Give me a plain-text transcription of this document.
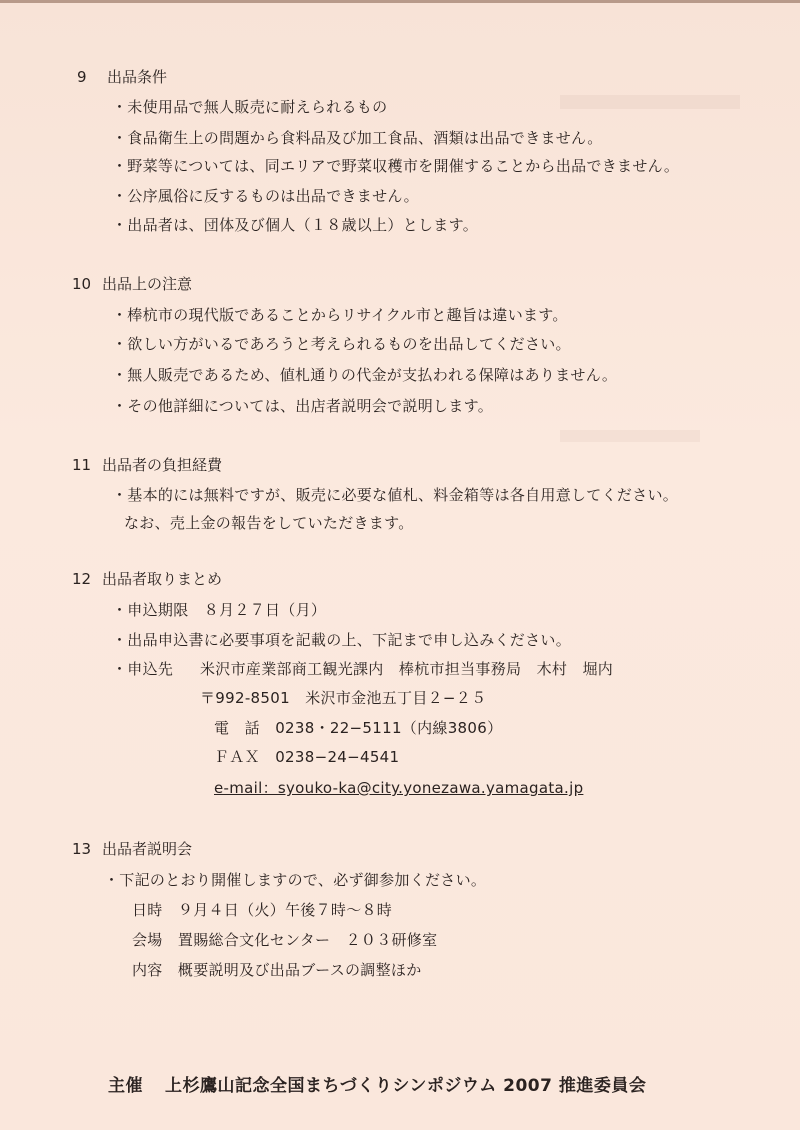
9 出品条件
・未使用品で無人販売に耐えられるもの
・食品衛生上の問題から食料品及び加工食品、酒類は出品できません。
・野菜等については、同エリアで野菜収穫市を開催することから出品できません。
・公序風俗に反するものは出品できません。
・出品者は、団体及び個人（１８歳以上）とします。
10 出品上の注意
・棒杭市の現代版であることからリサイクル市と趣旨は違います。
・欲しい方がいるであろうと考えられるものを出品してください。
・無人販売であるため、値札通りの代金が支払われる保障はありません。
・その他詳細については、出店者説明会で説明します。
11 出品者の負担経費
・基本的には無料ですが、販売に必要な値札、料金箱等は各自用意してください。
なお、売上金の報告をしていただきます。
12 出品者取りまとめ
・申込期限　８月２７日（月）
・出品申込書に必要事項を記載の上、下記まで申し込みください。
・申込先 米沢市産業部商工観光課内　棒杭市担当事務局　木村　堀内
〒992-8501　米沢市金池五丁目２−２５
電　話　0238・22−5111（内線3806）
ＦＡＸ　0238−24−4541
e-mail：syouko-ka@city.yonezawa.yamagata.jp
13 出品者説明会
・下記のとおり開催しますので、必ず御参加ください。
日時　９月４日（火）午後７時〜８時
会場　置賜総合文化センター　２０３研修室
内容　概要説明及び出品ブースの調整ほか
主催 上杉鷹山記念全国まちづくりシンポジウム 2007 推進委員会
